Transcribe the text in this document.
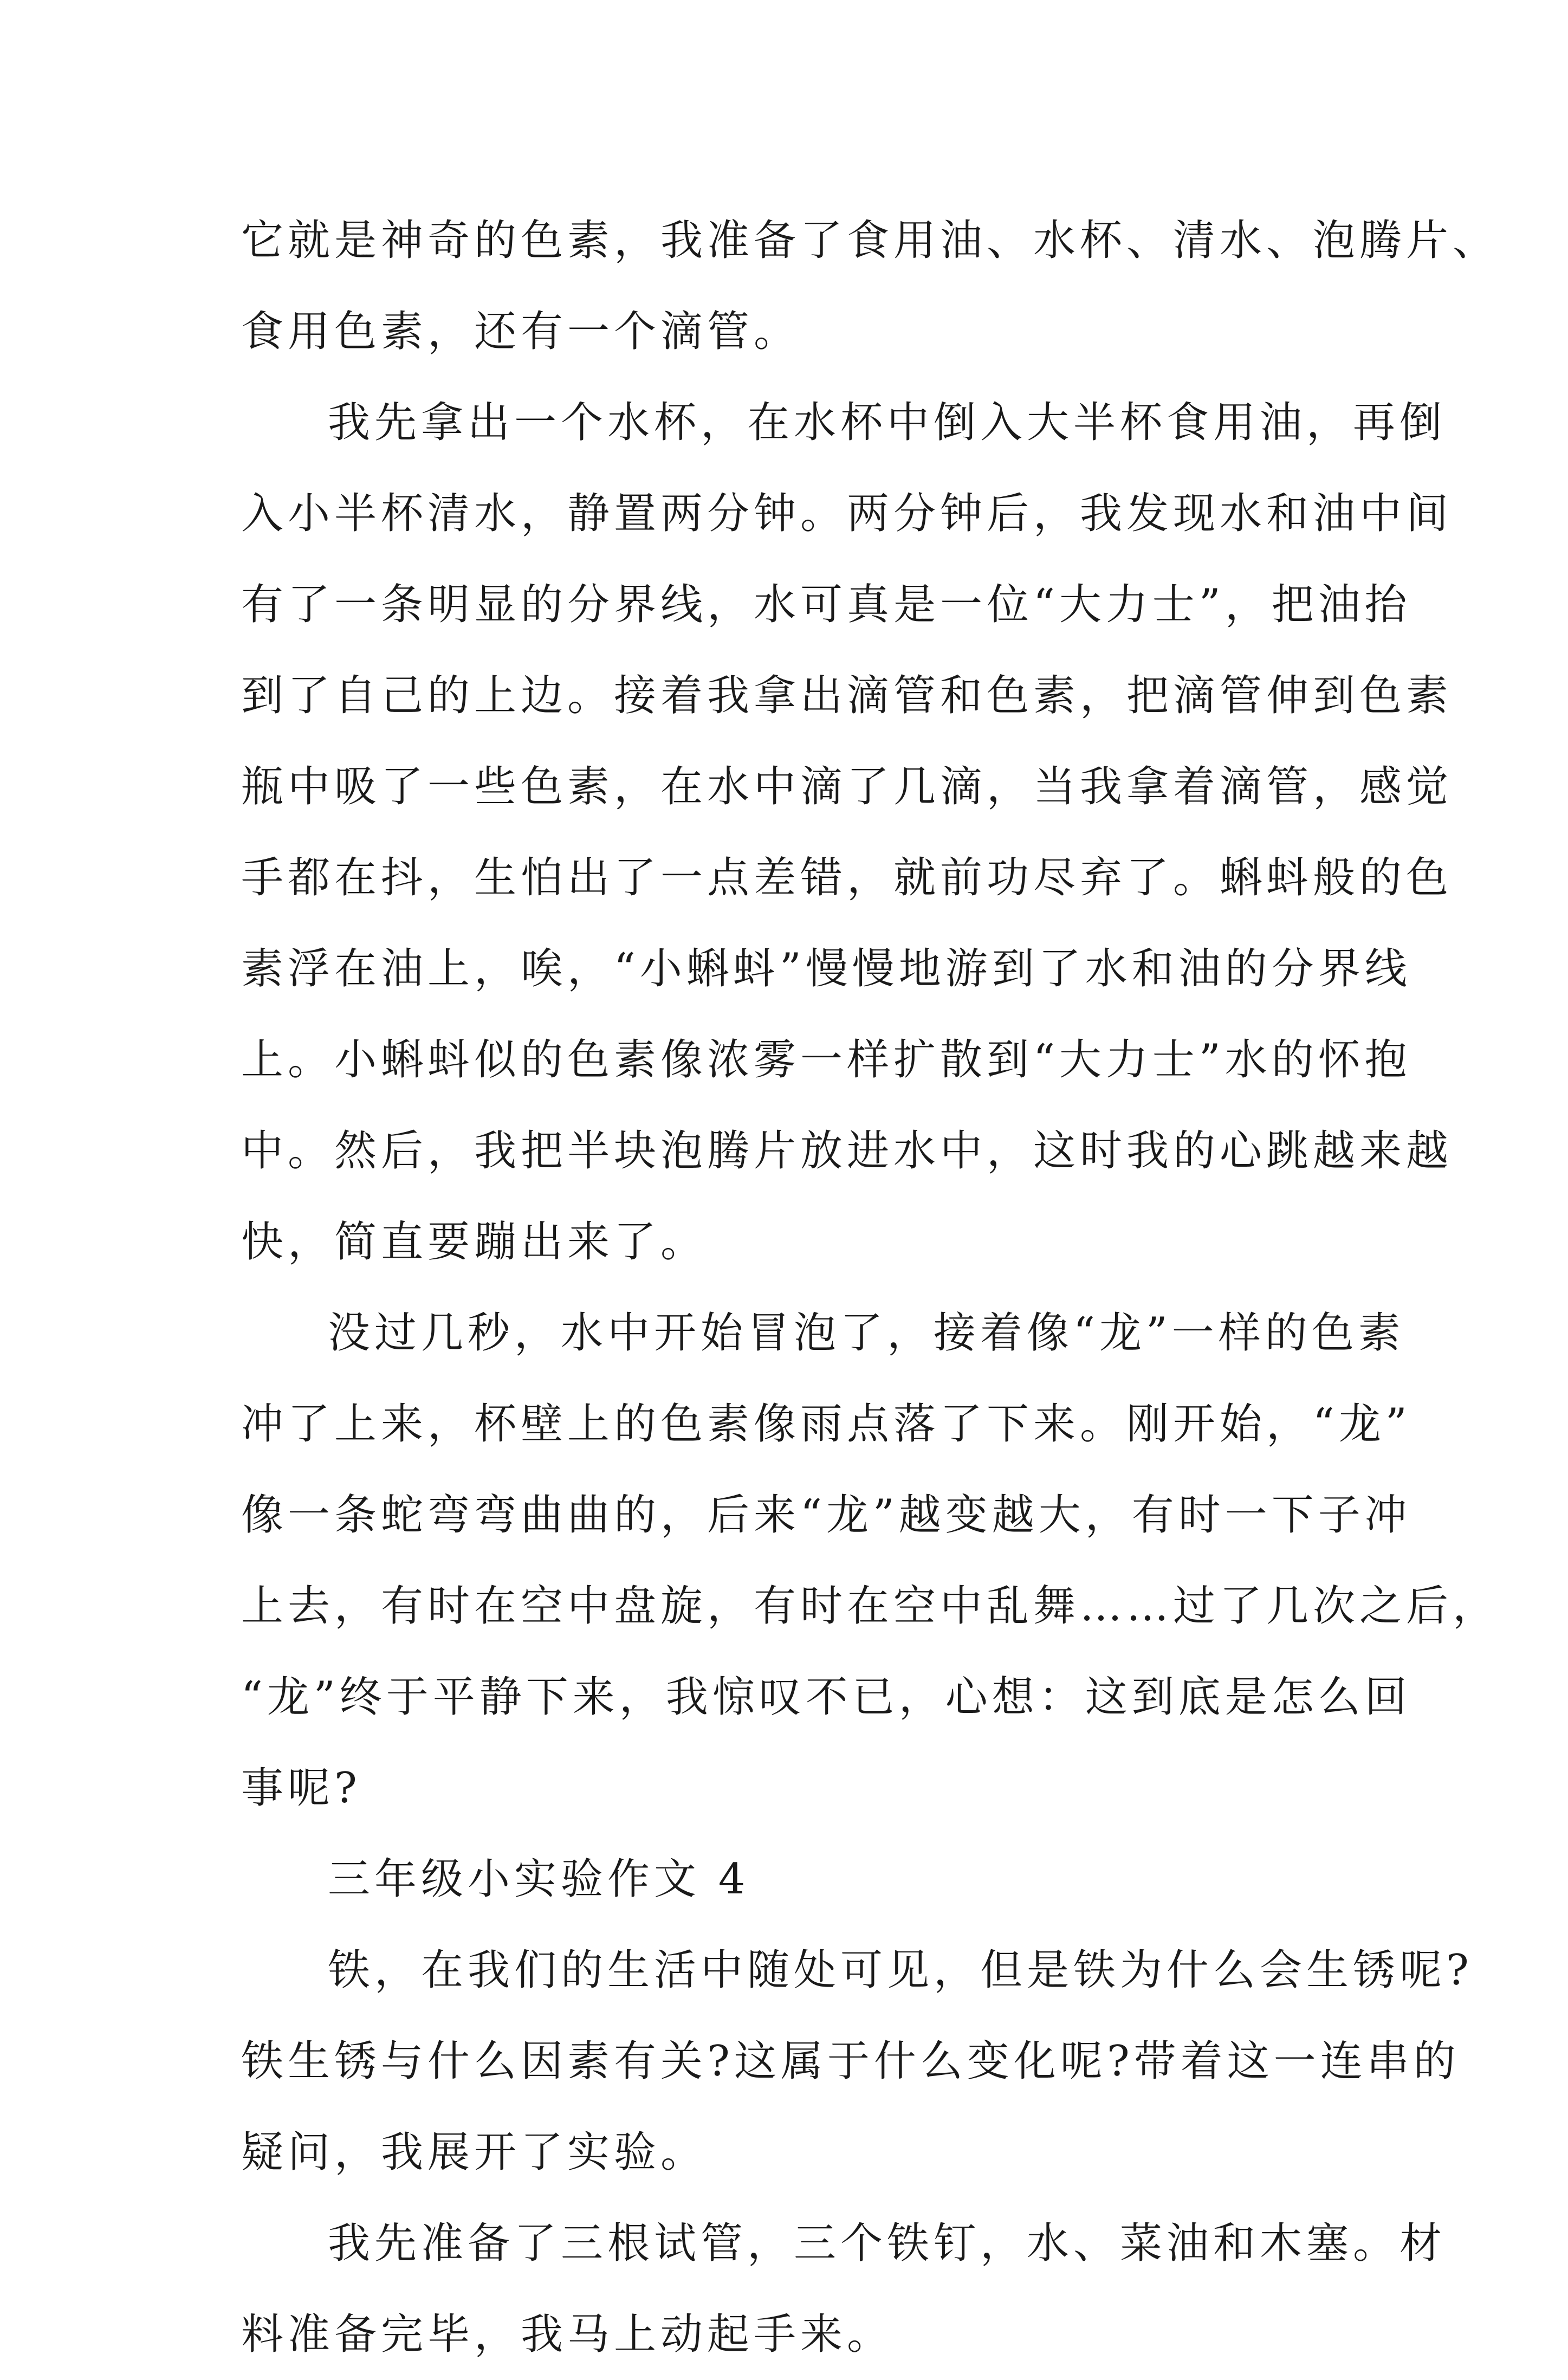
它就是神奇的色素，我准备了食用油、水杯、清水、泡腾片、
食用色素，还有一个滴管。
我先拿出一个水杯，在水杯中倒入大半杯食用油，再倒
入小半杯清水，静置两分钟。两分钟后，我发现水和油中间
有了一条明显的分界线，水可真是一位“大力士”，把油抬
到了自己的上边。接着我拿出滴管和色素，把滴管伸到色素
瓶中吸了一些色素，在水中滴了几滴，当我拿着滴管，感觉
手都在抖，生怕出了一点差错，就前功尽弃了。蝌蚪般的色
素浮在油上，唉，“小蝌蚪”慢慢地游到了水和油的分界线
上。小蝌蚪似的色素像浓雾一样扩散到“大力士”水的怀抱
中。然后，我把半块泡腾片放进水中，这时我的心跳越来越
快，简直要蹦出来了。
没过几秒，水中开始冒泡了，接着像“龙”一样的色素
冲了上来，杯壁上的色素像雨点落了下来。刚开始，“龙”
像一条蛇弯弯曲曲的，后来“龙”越变越大，有时一下子冲
上去，有时在空中盘旋，有时在空中乱舞……过了几次之后，
“龙”终于平静下来，我惊叹不已，心想：这到底是怎么回
事呢?
三年级小实验作文 4
铁，在我们的生活中随处可见，但是铁为什么会生锈呢?
铁生锈与什么因素有关?这属于什么变化呢?带着这一连串的
疑问，我展开了实验。
我先准备了三根试管，三个铁钉，水、菜油和木塞。材
料准备完毕，我马上动起手来。
